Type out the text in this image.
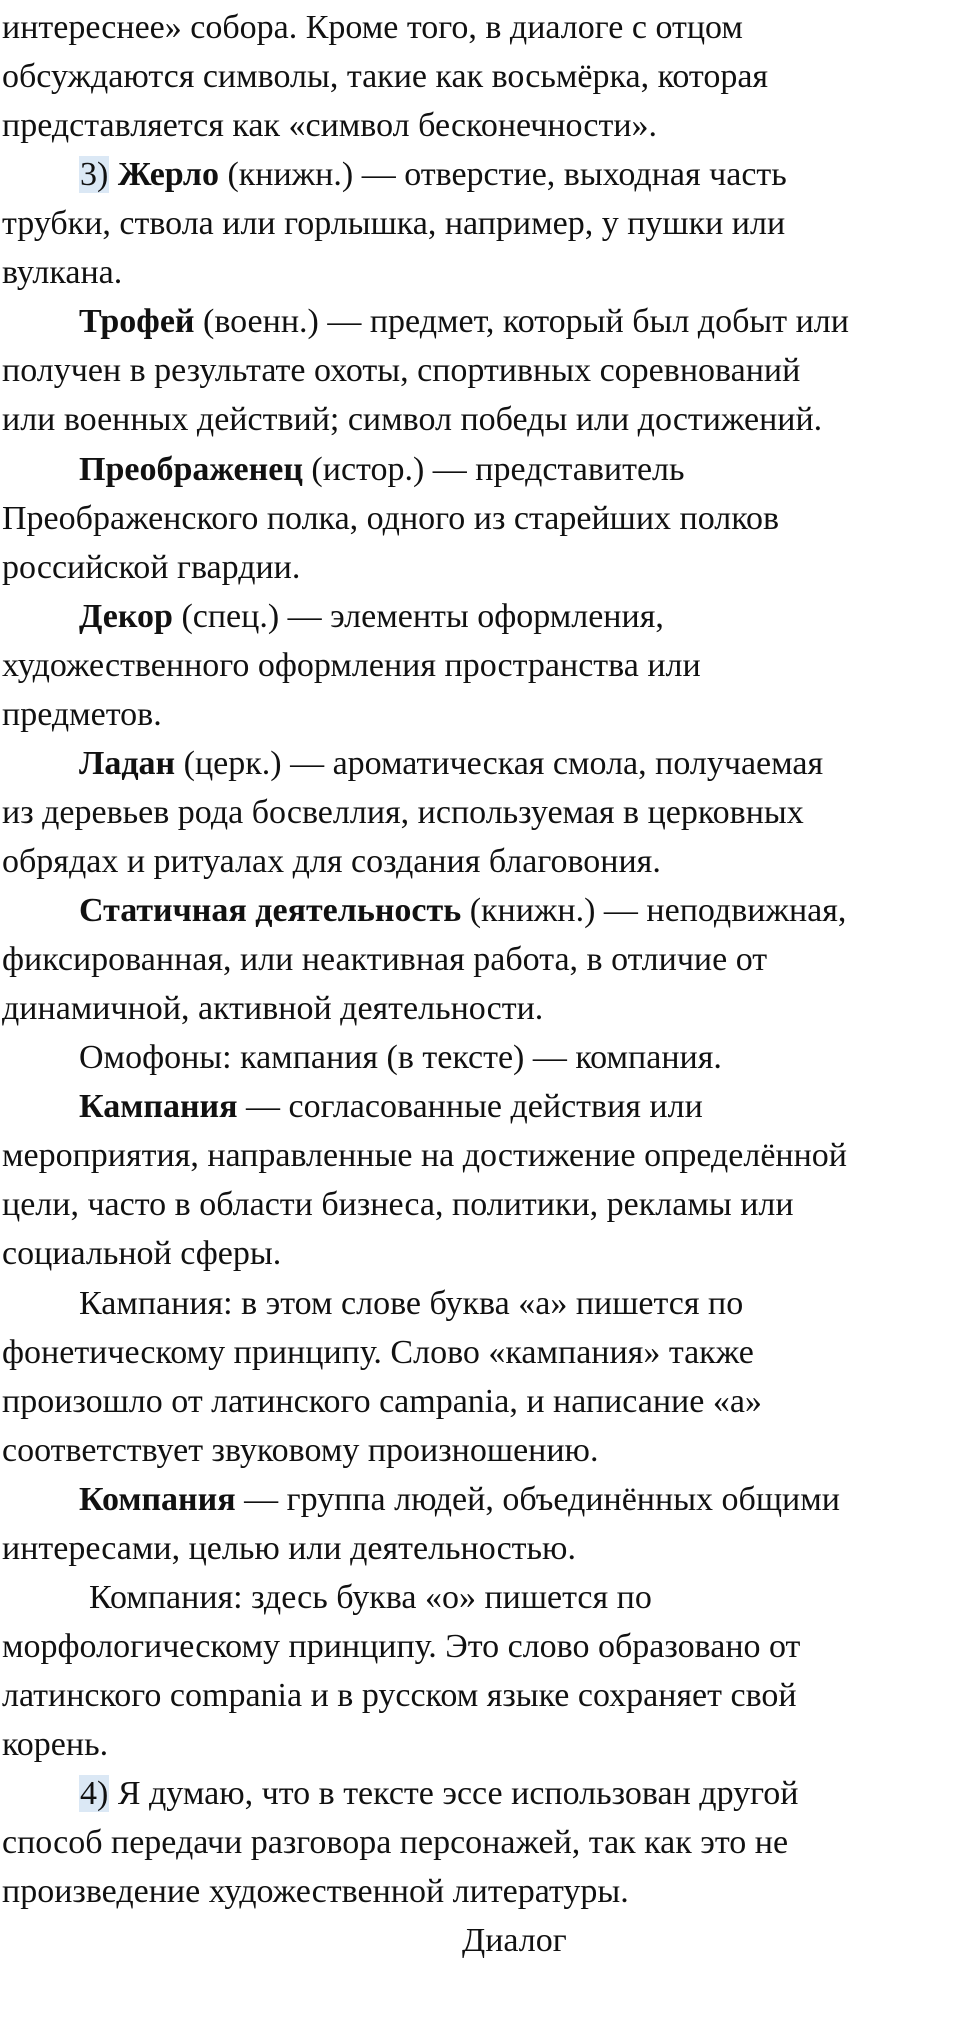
интереснее» собора. Кроме того, в диалоге с отцом
обсуждаются символы, такие как восьмёрка, которая
представляется как «символ бесконечности».
3) Жерло (книжн.) — отверстие, выходная часть
трубки, ствола или горлышка, например, у пушки или
вулкана.
Трофей (военн.) — предмет, который был добыт или
получен в результате охоты, спортивных соревнований
или военных действий; символ победы или достижений.
Преображенец (истор.) — представитель
Преображенского полка, одного из старейших полков
российской гвардии.
Декор (спец.) — элементы оформления,
художественного оформления пространства или
предметов.
Ладан (церк.) — ароматическая смола, получаемая
из деревьев рода босвеллия, используемая в церковных
обрядах и ритуалах для создания благовония.
Статичная деятельность (книжн.) — неподвижная,
фиксированная, или неактивная работа, в отличие от
динамичной, активной деятельности.
Омофоны: кампания (в тексте) — компания.
Кампания — согласованные действия или
мероприятия, направленные на достижение определённой
цели, часто в области бизнеса, политики, рекламы или
социальной сферы.
Кампания: в этом слове буква «а» пишется по
фонетическому принципу. Слово «кампания» также
произошло от латинского campania, и написание «а»
соответствует звуковому произношению.
Компания — группа людей, объединённых общими
интересами, целью или деятельностью.
Компания: здесь буква «о» пишется по
морфологическому принципу. Это слово образовано от
латинского compania и в русском языке сохраняет свой
корень.
4) Я думаю, что в тексте эссе использован другой
способ передачи разговора персонажей, так как это не
произведение художественной литературы.
Диалог
